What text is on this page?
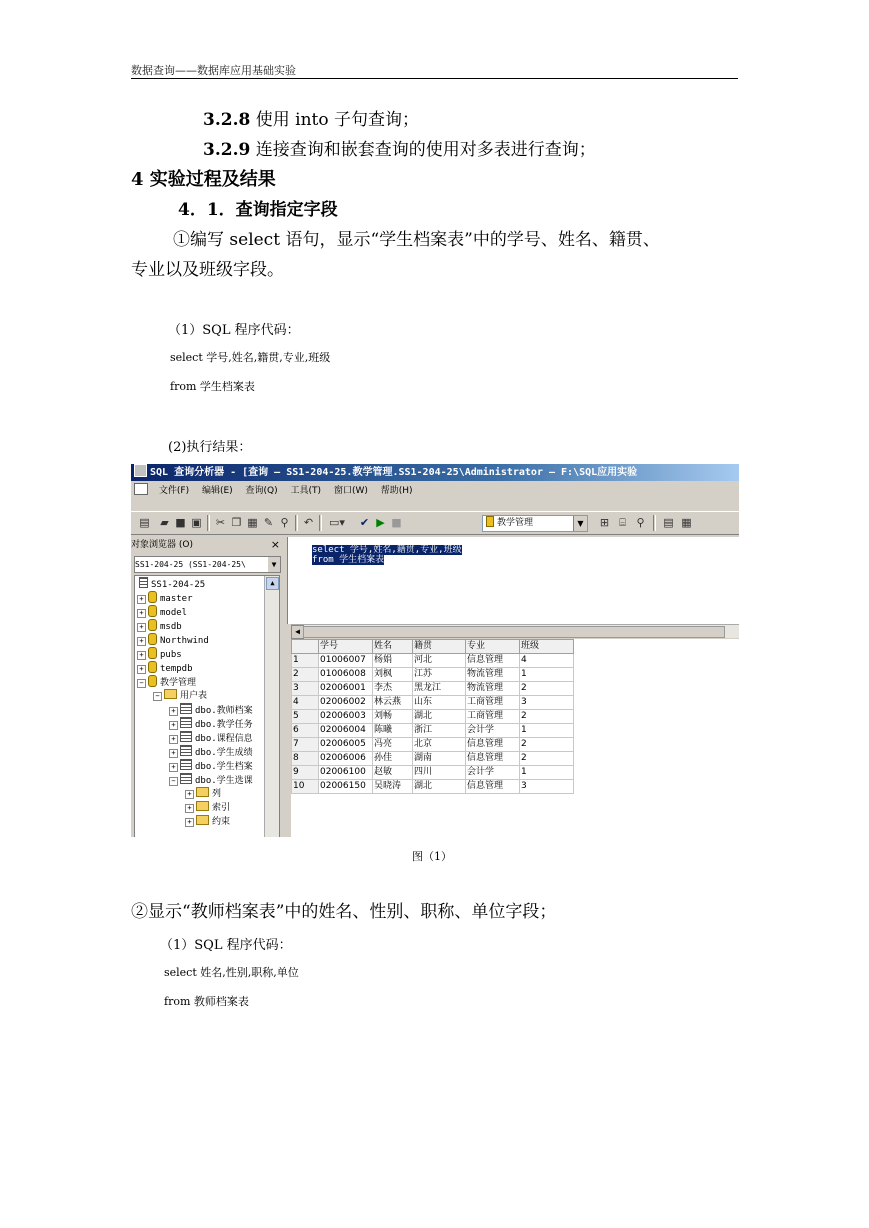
数据查询——数据库应用基础实验
3.2.8 使用 into 子句查询；
3.2.9 连接查询和嵌套查询的使用对多表进行查询；
4 实验过程及结果
4．1．查询指定字段
①编写 select 语句，显示“学生档案表”中的学号、姓名、籍贯、
专业以及班级字段。
（1）SQL 程序代码：
select 学号,姓名,籍贯,专业,班级
from 学生档案表
(2)执行结果：
SQL 查询分析器 - [查询 — SS1-204-25.教学管理.SS1-204-25\Administrator — F:\SQL应用实验
文件(F) 编辑(E) 查询(Q) 工具(T) 窗口(W) 帮助(H)
▤ ▰ ■ ▣ ✂ ❐ ▦ ✎ ⚲	↶	▭▾	✔ ▶ ■	教学管理	▼	⊞ ⌸ ⚲	▤ ▦
对象浏览器 (O)	×
SS1-204-25 (SS1-204-25\	▼
SS1-204-25
+ master
+ model
+ msdb
+ Northwind
+ pubs
+ tempdb
− 教学管理
− 用户表
+ dbo.教师档案
+ dbo.教学任务
+ dbo.课程信息
+ dbo.学生成绩
+ dbo.学生档案
− dbo.学生选课
+ 列
+ 索引
+ 约束
▲
select 学号,姓名,籍贯,专业,班级
from 学生档案表
◀
	学号	姓名	籍贯	专业	班级
1	01006007	杨娟	河北	信息管理	4
2	01006008	刘枫	江苏	物流管理	1
3	02006001	李杰	黑龙江	物流管理	2
4	02006002	林云燕	山东	工商管理	3
5	02006003	刘畅	湖北	工商管理	2
6	02006004	陈曦	浙江	会计学	1
7	02006005	冯亮	北京	信息管理	2
8	02006006	孙佳	湖南	信息管理	2
9	02006100	赵敏	四川	会计学	1
10	02006150	吴晓涛	湖北	信息管理	3
图（1）
②显示“教师档案表”中的姓名、性别、职称、单位字段；
（1）SQL 程序代码：
select 姓名,性别,职称,单位
from 教师档案表
